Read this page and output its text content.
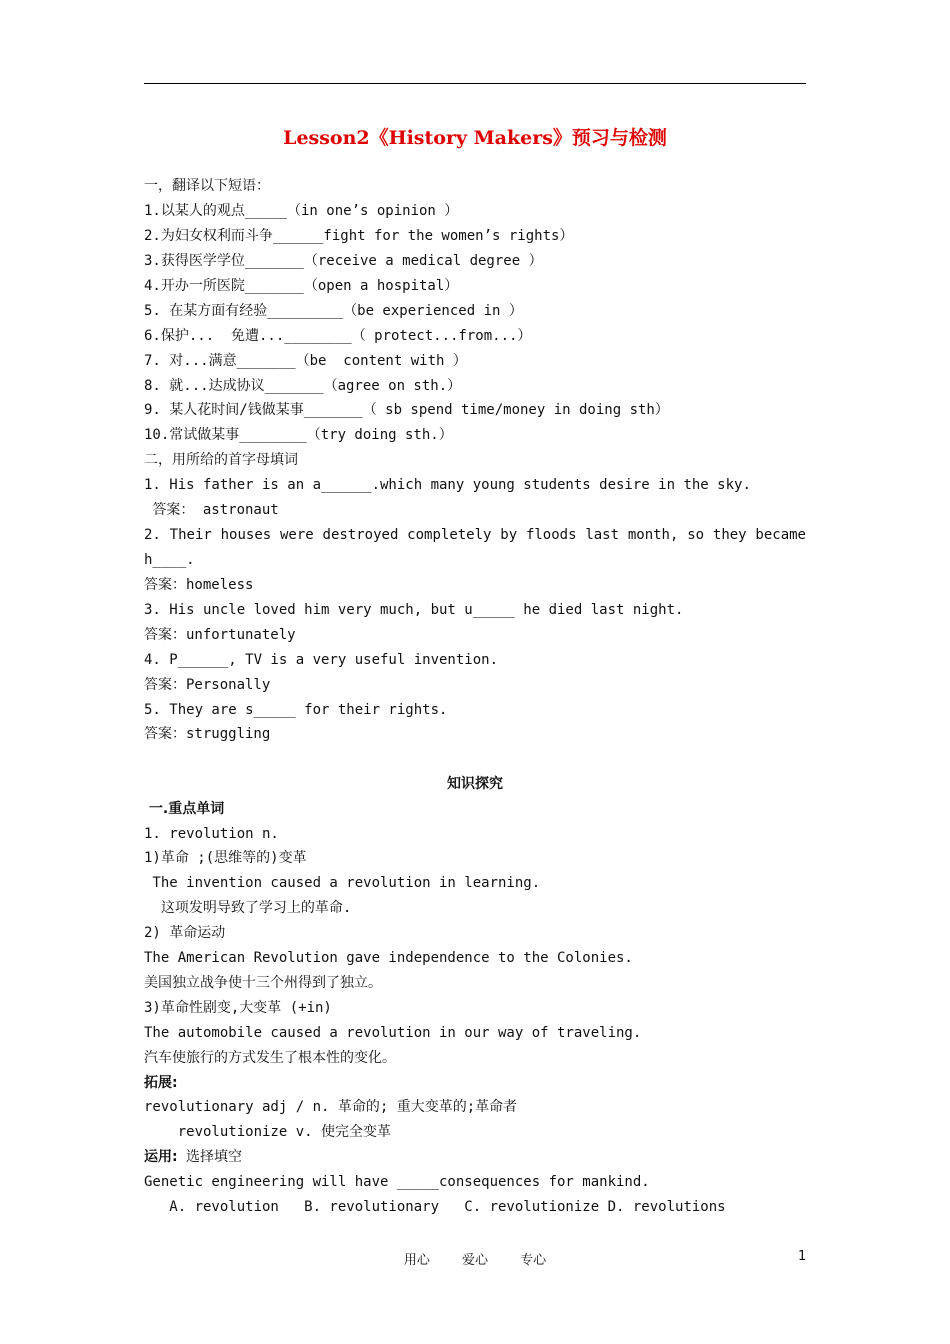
Lesson2《History Makers》预习与检测
一，翻译以下短语：
1.以某人的观点_____（in one’s opinion ）
2.为妇女权利而斗争______fight for the women’s rights）
3.获得医学学位_______（receive a medical degree ）
4.开办一所医院_______（open a hospital）
5. 在某方面有经验_________（be experienced in ）
6.保护...  免遭...________（ protect...from...）
7. 对...满意_______（be  content with ）
8. 就...达成协议_______（agree on sth.）
9. 某人花时间/钱做某事_______（ sb spend time/money in doing sth）
10.常试做某事________（try doing sth.）
二，用所给的首字母填词
1. His father is an a______.which many young students desire in the sky.
答案： astronaut
2. Their houses were destroyed completely by floods last month, so they became
h____.
答案：homeless
3. His uncle loved him very much, but u_____ he died last night.
答案：unfortunately
4. P______, TV is a very useful invention.
答案：Personally
5. They are s_____ for their rights.
答案：struggling
知识探究
一.重点单词
1. revolution n.
1)革命 ;(思维等的)变革
The invention caused a revolution in learning.
这项发明导致了学习上的革命.
2) 革命运动
The American Revolution gave independence to the Colonies.
美国独立战争使十三个州得到了独立。
3)革命性剧变,大变革 (+in)
The automobile caused a revolution in our way of traveling.
汽车使旅行的方式发生了根本性的变化。
拓展:
revolutionary adj / n. 革命的; 重大变革的;革命者
revolutionize v. 使完全变革
运用: 选择填空
Genetic engineering will have _____consequences for mankind.
A. revolution   B. revolutionary   C. revolutionize D. revolutions
用心 爱心 专心	1
